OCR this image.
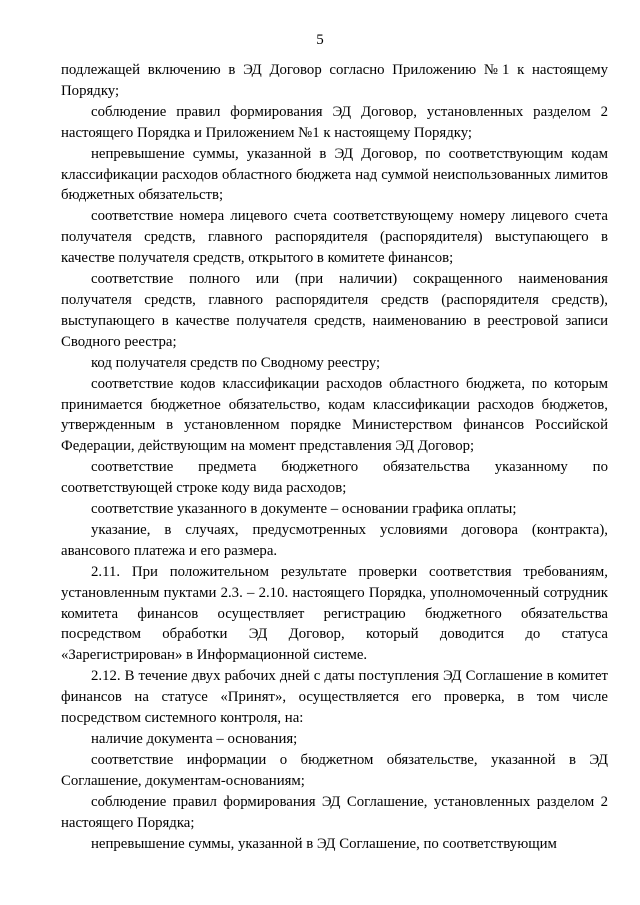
5

подлежащей включению в ЭД Договор согласно Приложению №1 к настоящему Порядку;

соблюдение правил формирования ЭД Договор, установленных разделом 2 настоящего Порядка и Приложением №1 к настоящему Порядку;

непревышение суммы, указанной в ЭД Договор, по соответствующим кодам классификации расходов областного бюджета над суммой неиспользованных лимитов бюджетных обязательств;

соответствие номера лицевого счета соответствующему номеру лицевого счета получателя средств, главного распорядителя (распорядителя) выступающего в качестве получателя средств, открытого в комитете финансов;

соответствие полного или (при наличии) сокращенного наименования получателя средств, главного распорядителя средств (распорядителя средств), выступающего в качестве получателя средств, наименованию в реестровой записи Сводного реестра;

код получателя средств по Сводному реестру;

соответствие кодов классификации расходов областного бюджета, по которым принимается бюджетное обязательство, кодам классификации расходов бюджетов, утвержденным в установленном порядке Министерством финансов Российской Федерации, действующим на момент представления ЭД Договор;

соответствие предмета бюджетного обязательства указанному по соответствующей строке коду вида расходов;

соответствие указанного в документе – основании графика оплаты;

указание, в случаях, предусмотренных условиями договора (контракта), авансового платежа и его размера.

2.11. При положительном результате проверки соответствия требованиям, установленным пуктами 2.3. – 2.10. настоящего Порядка, уполномоченный сотрудник комитета финансов осуществляет регистрацию бюджетного обязательства посредством обработки ЭД Договор, который доводится до статуса «Зарегистрирован» в Информационной системе.

2.12. В течение двух рабочих дней с даты поступления ЭД Соглашение в комитет финансов на статусе «Принят», осуществляется его проверка, в том числе посредством системного контроля, на:

наличие документа – основания;

соответствие информации о бюджетном обязательстве, указанной в ЭД Соглашение, документам-основаниям;

соблюдение правил формирования ЭД Соглашение, установленных разделом 2 настоящего Порядка;

непревышение суммы, указанной в ЭД Соглашение, по соответствующим
